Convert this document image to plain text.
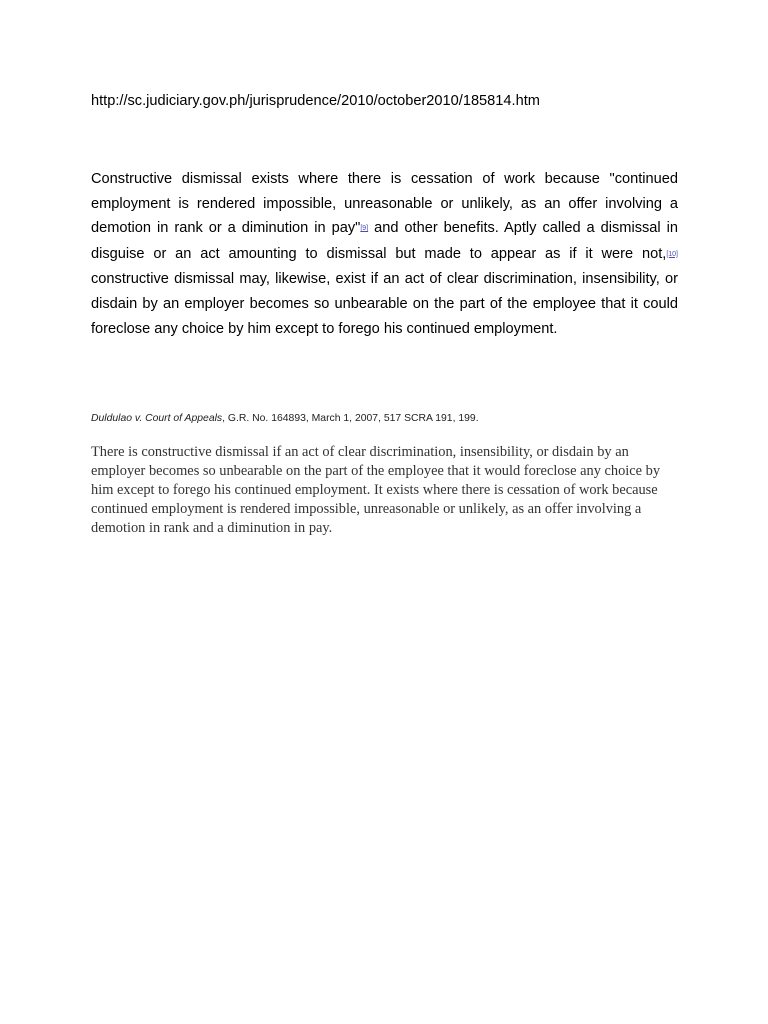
http://sc.judiciary.gov.ph/jurisprudence/2010/october2010/185814.htm

Constructive dismissal exists where there is cessation of work because "continued employment is rendered impossible, unreasonable or unlikely, as an offer involving a demotion in rank or a diminution in pay"[9] and other benefits. Aptly called a dismissal in disguise or an act amounting to dismissal but made to appear as if it were not,[10] constructive dismissal may, likewise, exist if an act of clear discrimination, insensibility, or disdain by an employer becomes so unbearable on the part of the employee that it could foreclose any choice by him except to forego his continued employment.

Duldulao v. Court of Appeals, G.R. No. 164893, March 1, 2007, 517 SCRA 191, 199.

There is constructive dismissal if an act of clear discrimination, insensibility, or disdain by an employer becomes so unbearable on the part of the employee that it would foreclose any choice by him except to forego his continued employment. It exists where there is cessation of work because continued employment is rendered impossible, unreasonable or unlikely, as an offer involving a demotion in rank and a diminution in pay.
